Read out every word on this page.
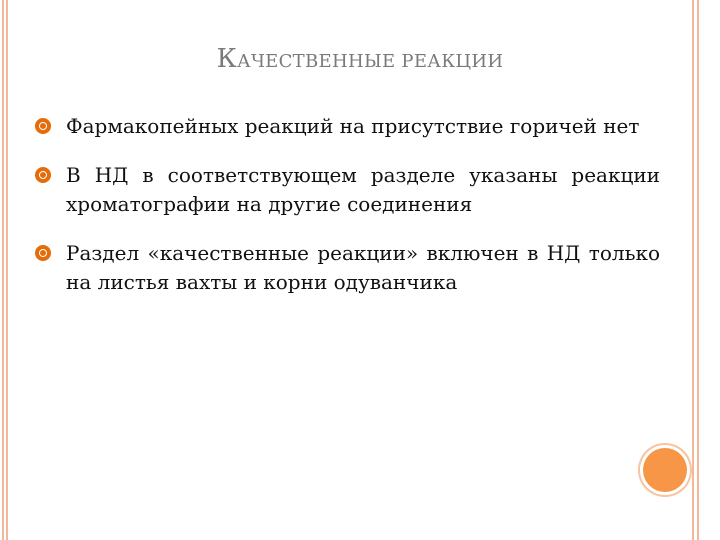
КАЧЕСТВЕННЫЕ РЕАКЦИИ
Фармакопейных реакций на присутствие горичей нет
В НД в соответствующем разделе указаны реакции хроматографии на другие соединения
Раздел «качественные реакции» включен в НД только на листья вахты и корни одуванчика
